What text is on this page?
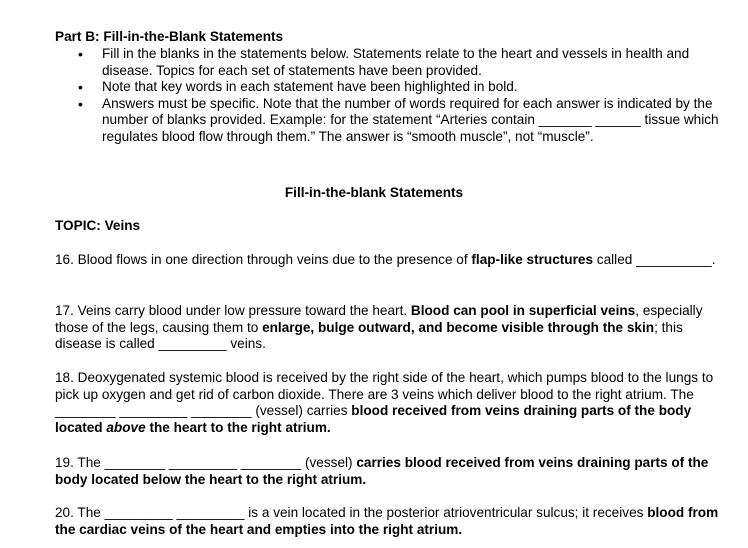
Part B: Fill-in-the-Blank Statements
• Fill in the blanks in the statements below. Statements relate to the heart and vessels in health and disease. Topics for each set of statements have been provided.
• Note that key words in each statement have been highlighted in bold.
• Answers must be specific. Note that the number of words required for each answer is indicated by the number of blanks provided. Example: for the statement “Arteries contain _______ ______ tissue which regulates blood flow through them.” The answer is “smooth muscle”, not “muscle”.
Fill-in-the-blank Statements
TOPIC: Veins
16. Blood flows in one direction through veins due to the presence of flap-like structures called __________.
17. Veins carry blood under low pressure toward the heart. Blood can pool in superficial veins, especially those of the legs, causing them to enlarge, bulge outward, and become visible through the skin; this disease is called _________ veins.
18. Deoxygenated systemic blood is received by the right side of the heart, which pumps blood to the lungs to pick up oxygen and get rid of carbon dioxide. There are 3 veins which deliver blood to the right atrium. The ________ _________ ________ (vessel) carries blood received from veins draining parts of the body located above the heart to the right atrium.
19. The ________ _________ ________ (vessel) carries blood received from veins draining parts of the body located below the heart to the right atrium.
20. The _________ _________ is a vein located in the posterior atrioventricular sulcus; it receives blood from the cardiac veins of the heart and empties into the right atrium.
